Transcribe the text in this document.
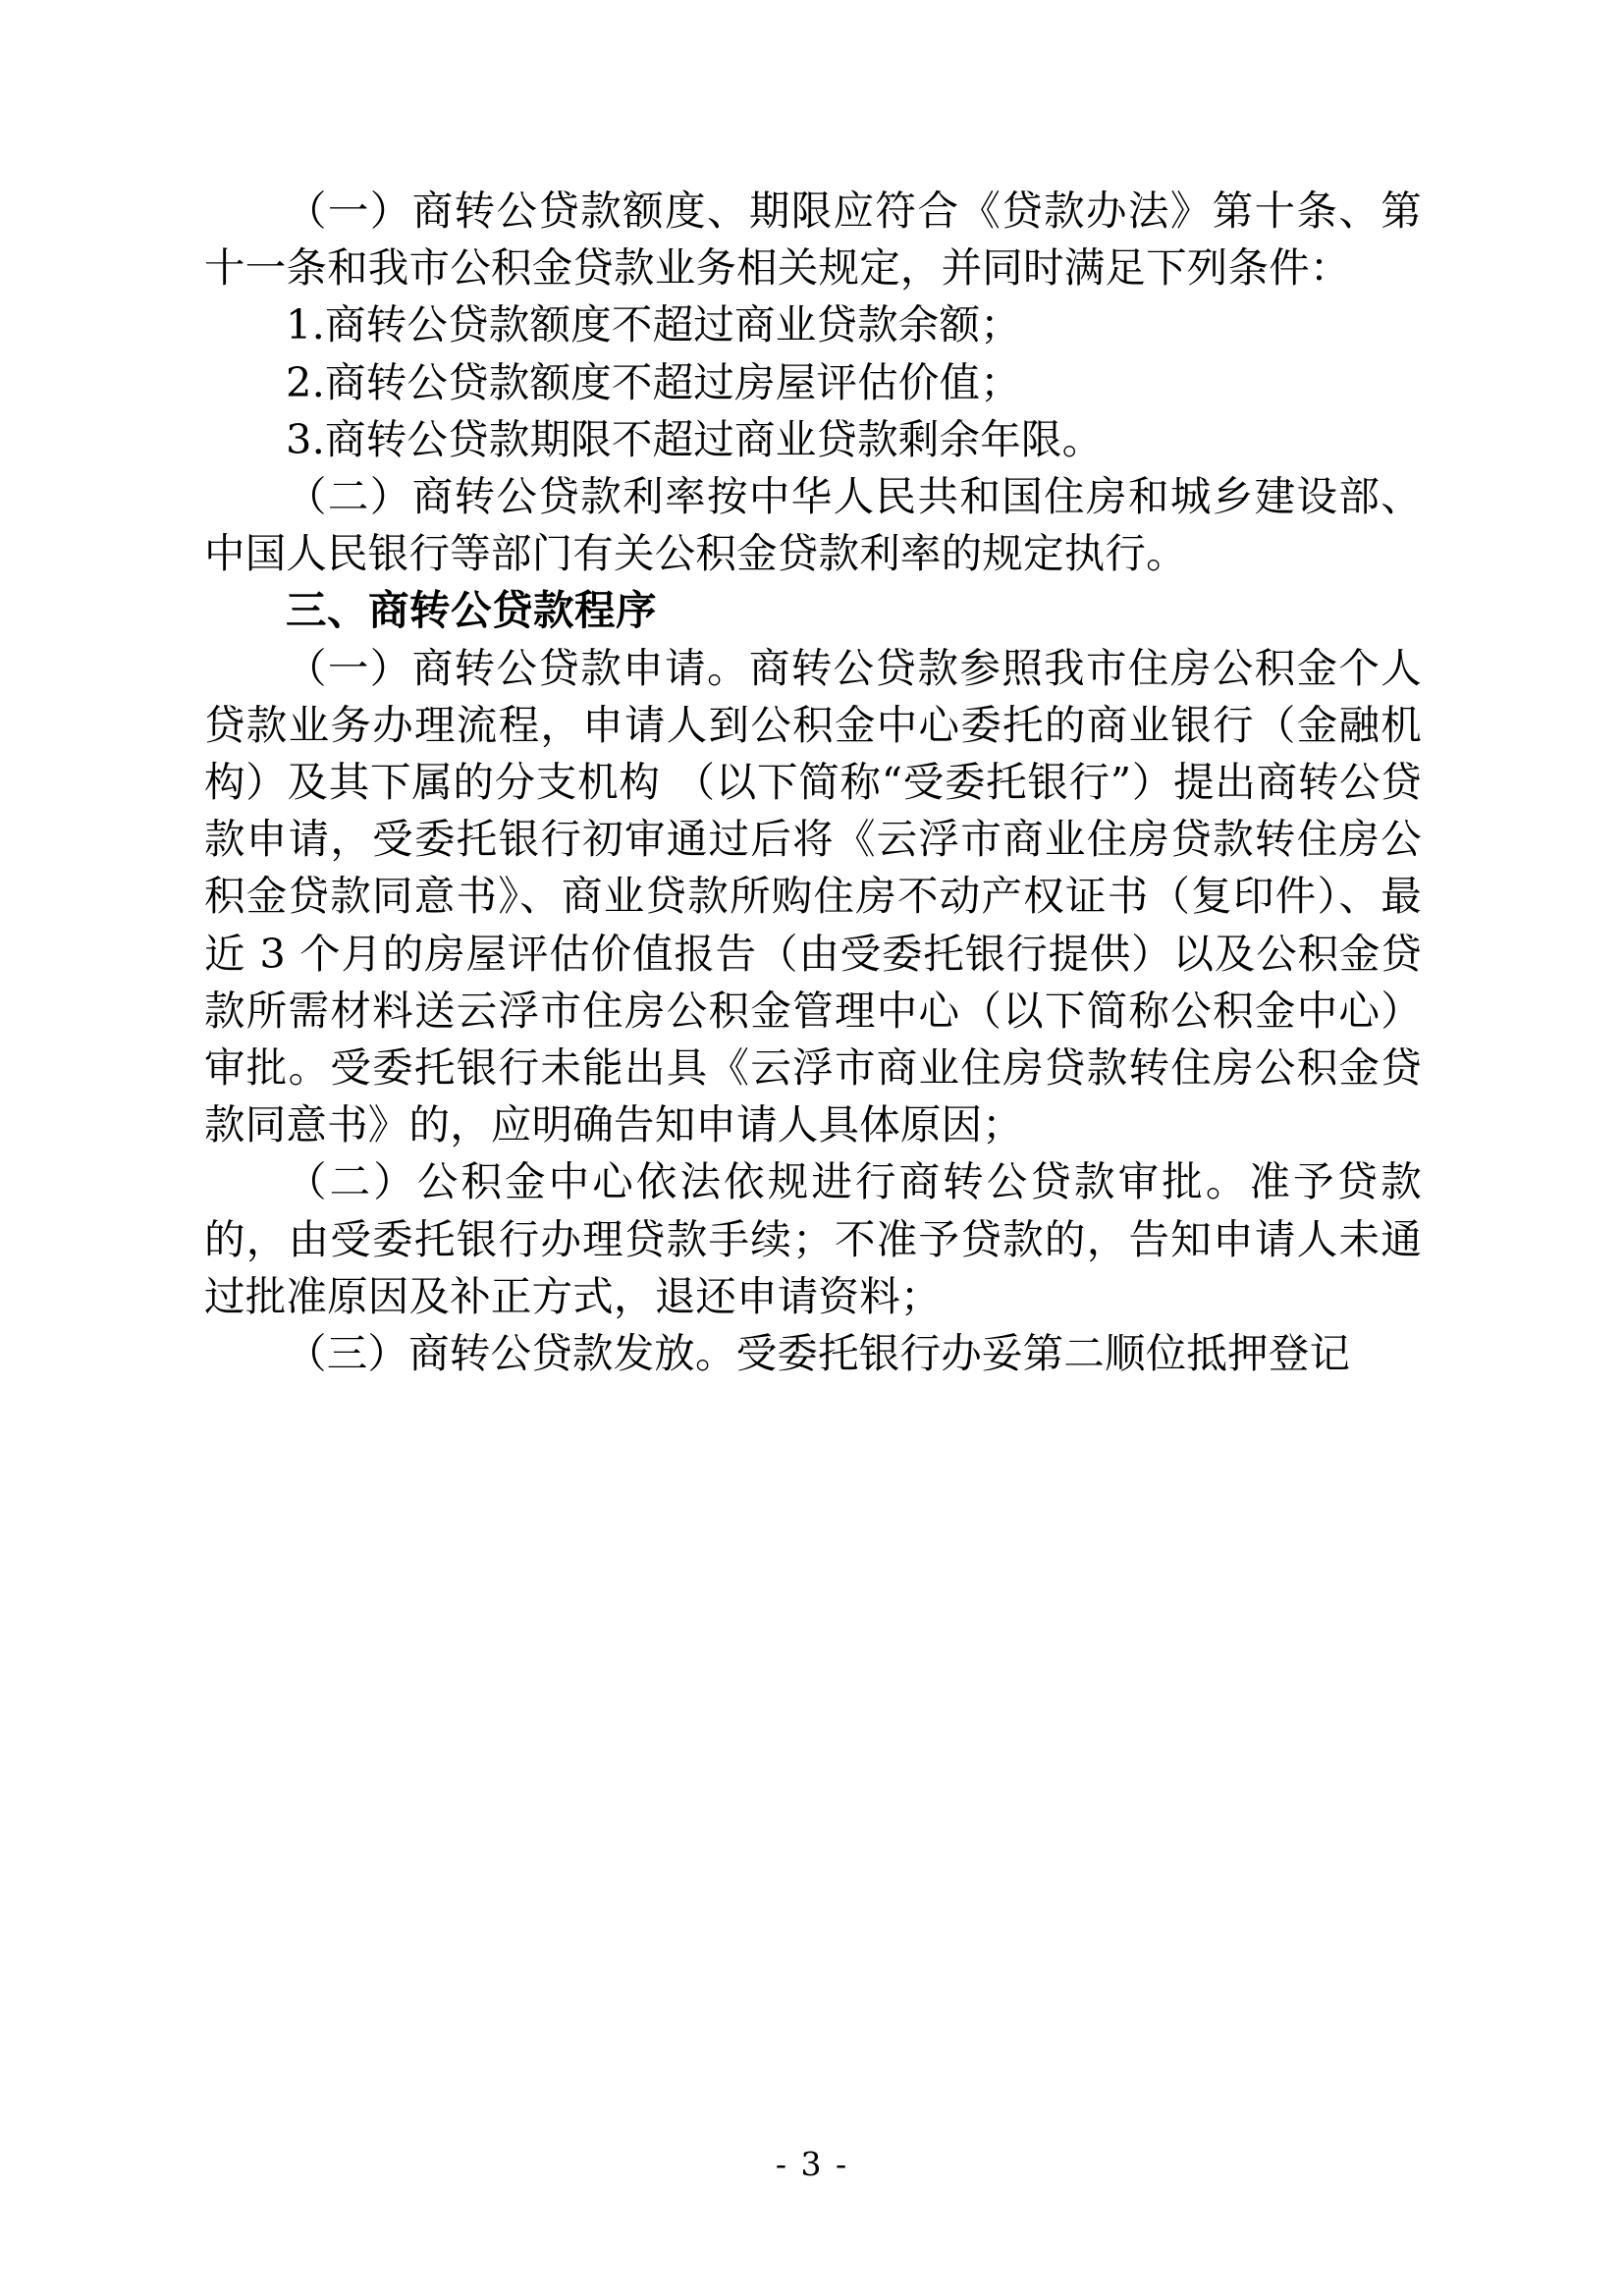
（一）商转公贷款额度、期限应符合《贷款办法》第十条、第十一条和我市公积金贷款业务相关规定，并同时满足下列条件：

1.商转公贷款额度不超过商业贷款余额；

2.商转公贷款额度不超过房屋评估价值；

3.商转公贷款期限不超过商业贷款剩余年限。

（二）商转公贷款利率按中华人民共和国住房和城乡建设部、中国人民银行等部门有关公积金贷款利率的规定执行。

三、商转公贷款程序

（一）商转公贷款申请。商转公贷款参照我市住房公积金个人贷款业务办理流程，申请人到公积金中心委托的商业银行（金融机构）及其下属的分支机构 （以下简称“受委托银行”）提出商转公贷款申请，受委托银行初审通过后将《云浮市商业住房贷款转住房公积金贷款同意书》、商业贷款所购住房不动产权证书（复印件）、最近 3 个月的房屋评估价值报告（由受委托银行提供）以及公积金贷款所需材料送云浮市住房公积金管理中心（以下简称公积金中心）审批。受委托银行未能出具《云浮市商业住房贷款转住房公积金贷款同意书》的，应明确告知申请人具体原因；

（二）公积金中心依法依规进行商转公贷款审批。准予贷款的，由受委托银行办理贷款手续；不准予贷款的，告知申请人未通过批准原因及补正方式，退还申请资料；

（三）商转公贷款发放。受委托银行办妥第二顺位抵押登记

- 3 -
